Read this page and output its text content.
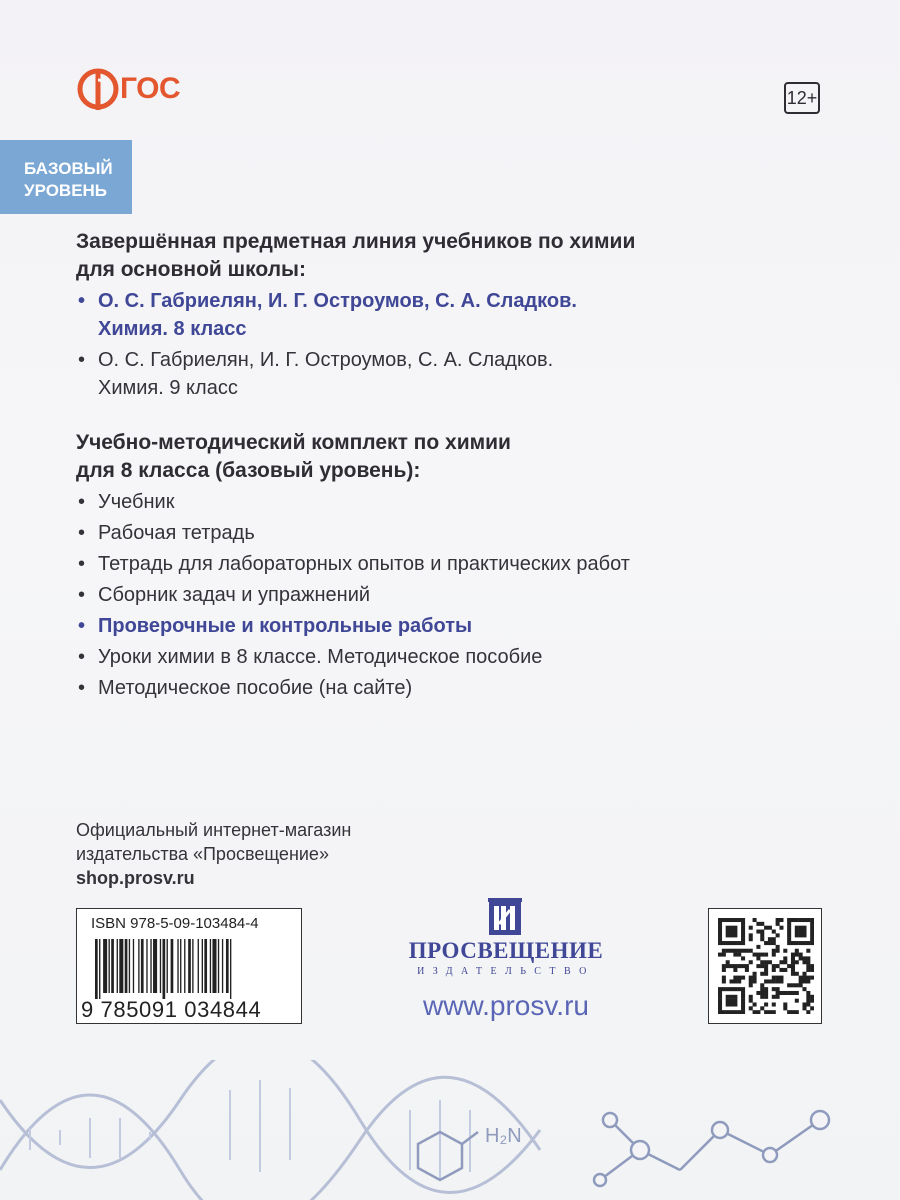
ГОС	12+
БАЗОВЫЙ
УРОВЕНЬ

Завершённая предметная линия учебников по химии
для основной школы:

• О. С. Габриелян, И. Г. Остроумов, С. А. Сладков.
Химия. 8 класс
• О. С. Габриелян, И. Г. Остроумов, С. А. Сладков.
Химия. 9 класс

Учебно-методический комплект по химии
для 8 класса (базовый уровень):

• Учебник
• Рабочая тетрадь
• Тетрадь для лабораторных опытов и практических работ
• Сборник задач и упражнений
• Проверочные и контрольные работы
• Уроки химии в 8 классе. Методическое пособие
• Методическое пособие (на сайте)
Официальный интернет-магазин
издательства «Просвещение»
shop.prosv.ru
ISBN 978-5-09-103484-4
9 785091 034844
ПРОСВЕЩЕНИЕ
ИЗДАТЕЛЬСТВО
www.prosv.ru
H₂N
